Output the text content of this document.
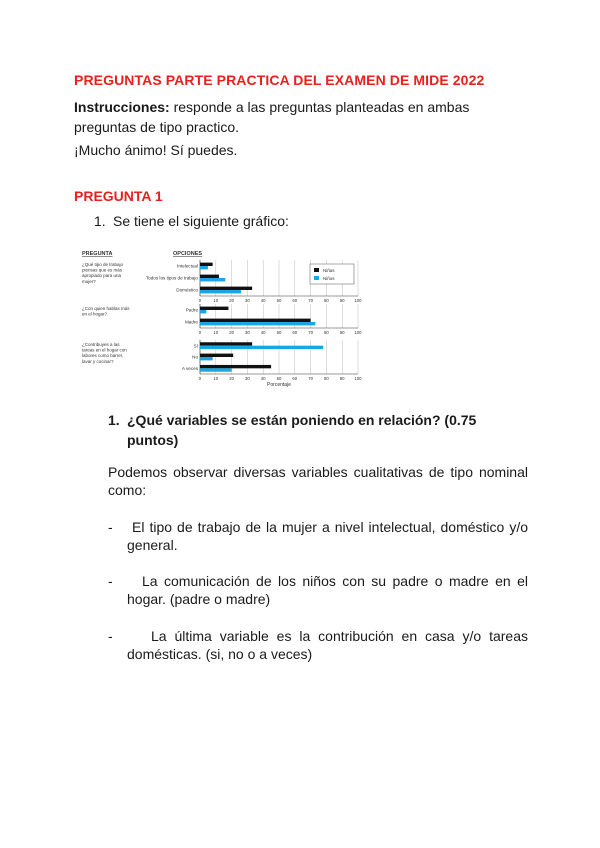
PREGUNTAS PARTE PRACTICA DEL EXAMEN DE MIDE 2022
Instrucciones: responde a las preguntas planteadas en ambas preguntas de tipo practico.
¡Mucho ánimo! Sí puedes.
PREGUNTA 1
1. Se tiene el siguiente gráfico:
PREGUNTA	OPCIONES
0	10	20	30	40	50	60	70	80	90 100
¿Qué tipo de trabajo
piensas que es más
apropiado para una
mujer?
Intelectual
Todos los tipos de trabajo
Doméstico
0	10	20	30	40	50	60	70	80	90 100
¿Con quien hablas más
en el hogar?
Padre
Madre
0	10	20	30	40	50	60	70	80	90 100
¿Contribuyes a las
tareas en el hogar con
labores como barrer,
lavar y cocinar?
Sí
No
A veces
Niñas
Niños
Porcentaje
1. ¿Qué variables se están poniendo en relación? (0.75 puntos)
Podemos observar diversas variables cualitativas de tipo nominal como:
-	El tipo de trabajo de la mujer a nivel intelectual, doméstico y/o general.
-	La comunicación de los niños con su padre o madre en el hogar. (padre o madre)
-	La última variable es la contribución en casa y/o tareas domésticas. (si, no o a veces)
